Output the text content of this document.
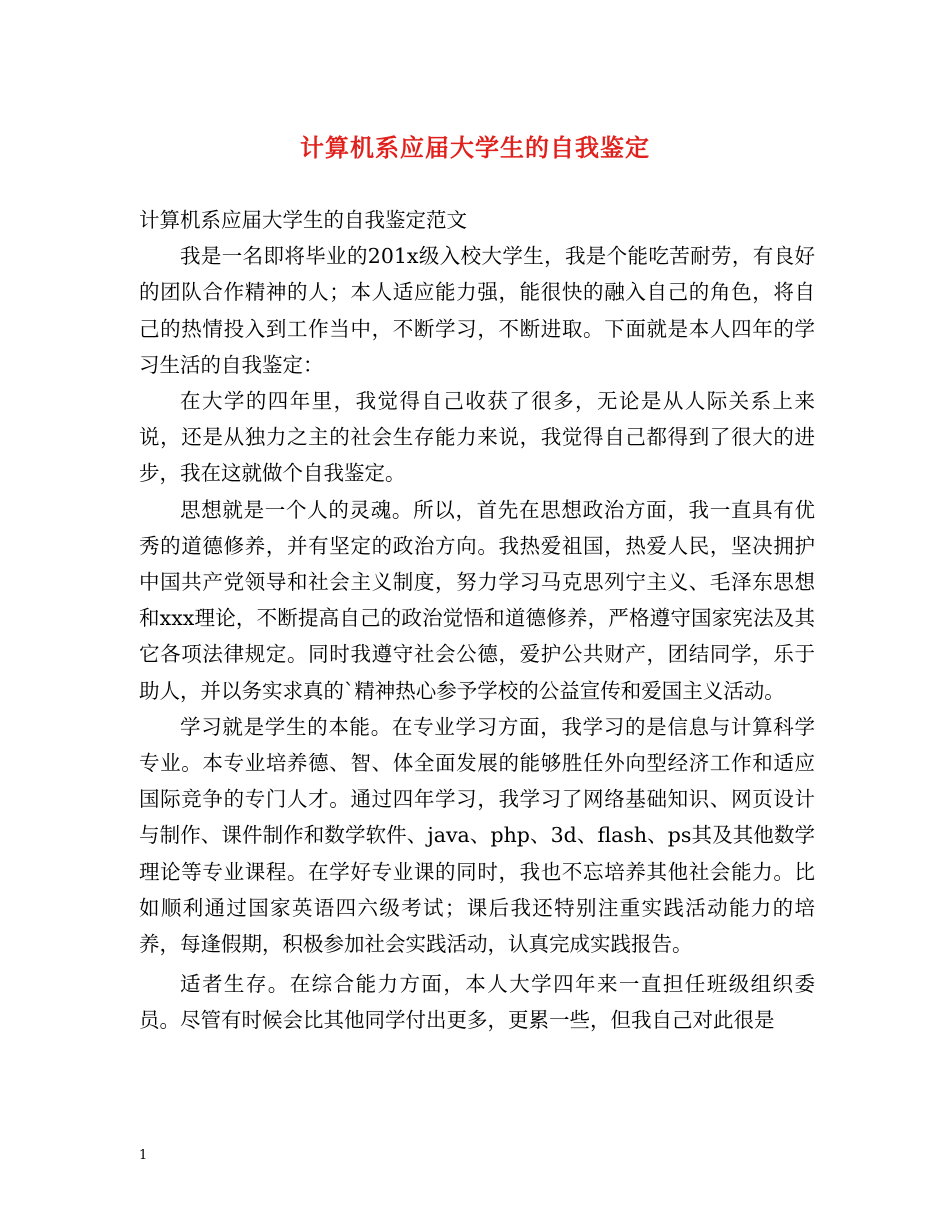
计算机系应届大学生的自我鉴定

计算机系应届大学生的自我鉴定范文

我是一名即将毕业的201x级入校大学生，我是个能吃苦耐劳，有良好的团队合作精神的人；本人适应能力强，能很快的融入自己的角色，将自己的热情投入到工作当中，不断学习，不断进取。下面就是本人四年的学习生活的自我鉴定：

在大学的四年里，我觉得自己收获了很多，无论是从人际关系上来说，还是从独力之主的社会生存能力来说，我觉得自己都得到了很大的进步，我在这就做个自我鉴定。

思想就是一个人的灵魂。所以，首先在思想政治方面，我一直具有优秀的道德修养，并有坚定的政治方向。我热爱祖国，热爱人民，坚决拥护中国共产党领导和社会主义制度，努力学习马克思列宁主义、毛泽东思想和xxx理论，不断提高自己的政治觉悟和道德修养，严格遵守国家宪法及其它各项法律规定。同时我遵守社会公德，爱护公共财产，团结同学，乐于助人，并以务实求真的`精神热心参予学校的公益宣传和爱国主义活动。

学习就是学生的本能。在专业学习方面，我学习的是信息与计算科学专业。本专业培养德、智、体全面发展的能够胜任外向型经济工作和适应国际竞争的专门人才。通过四年学习，我学习了网络基础知识、网页设计与制作、课件制作和数学软件、java、php、3d、flash、ps其及其他数学理论等专业课程。在学好专业课的同时，我也不忘培养其他社会能力。比如顺利通过国家英语四六级考试；课后我还特别注重实践活动能力的培养，每逢假期，积极参加社会实践活动，认真完成实践报告。

适者生存。在综合能力方面，本人大学四年来一直担任班级组织委员。尽管有时候会比其他同学付出更多，更累一些，但我自己对此很是

1
